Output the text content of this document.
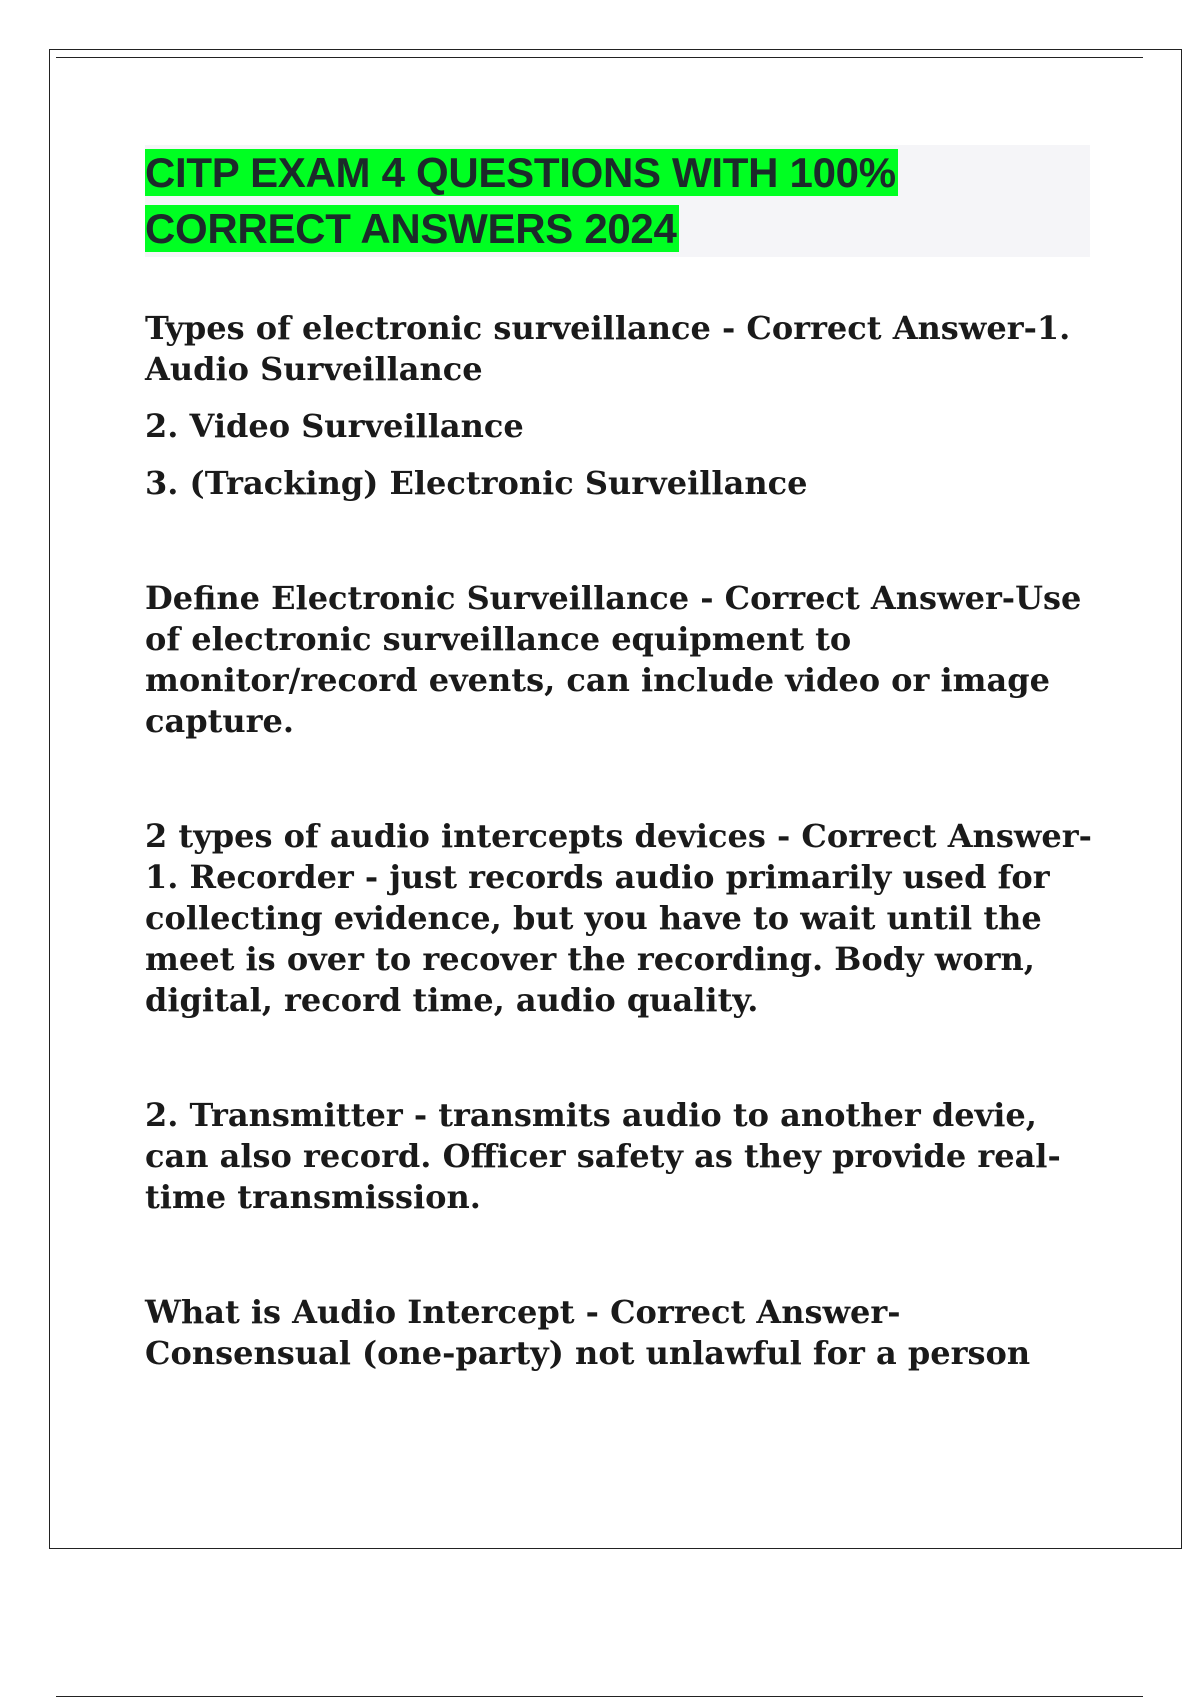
CITP EXAM 4 QUESTIONS WITH 100%
CORRECT ANSWERS 2024

Types of electronic surveillance - Correct Answer-1. Audio Surveillance

2. Video Surveillance

3. (Tracking) Electronic Surveillance

Define Electronic Surveillance - Correct Answer-Use of electronic surveillance equipment to monitor/record events, can include video or image capture.

2 types of audio intercepts devices - Correct Answer-1. Recorder - just records audio primarily used for collecting evidence, but you have to wait until the meet is over to recover the recording. Body worn, digital, record time, audio quality.

2. Transmitter - transmits audio to another devie, can also record. Officer safety as they provide real-time transmission.

What is Audio Intercept - Correct Answer-Consensual (one-party) not unlawful for a person
